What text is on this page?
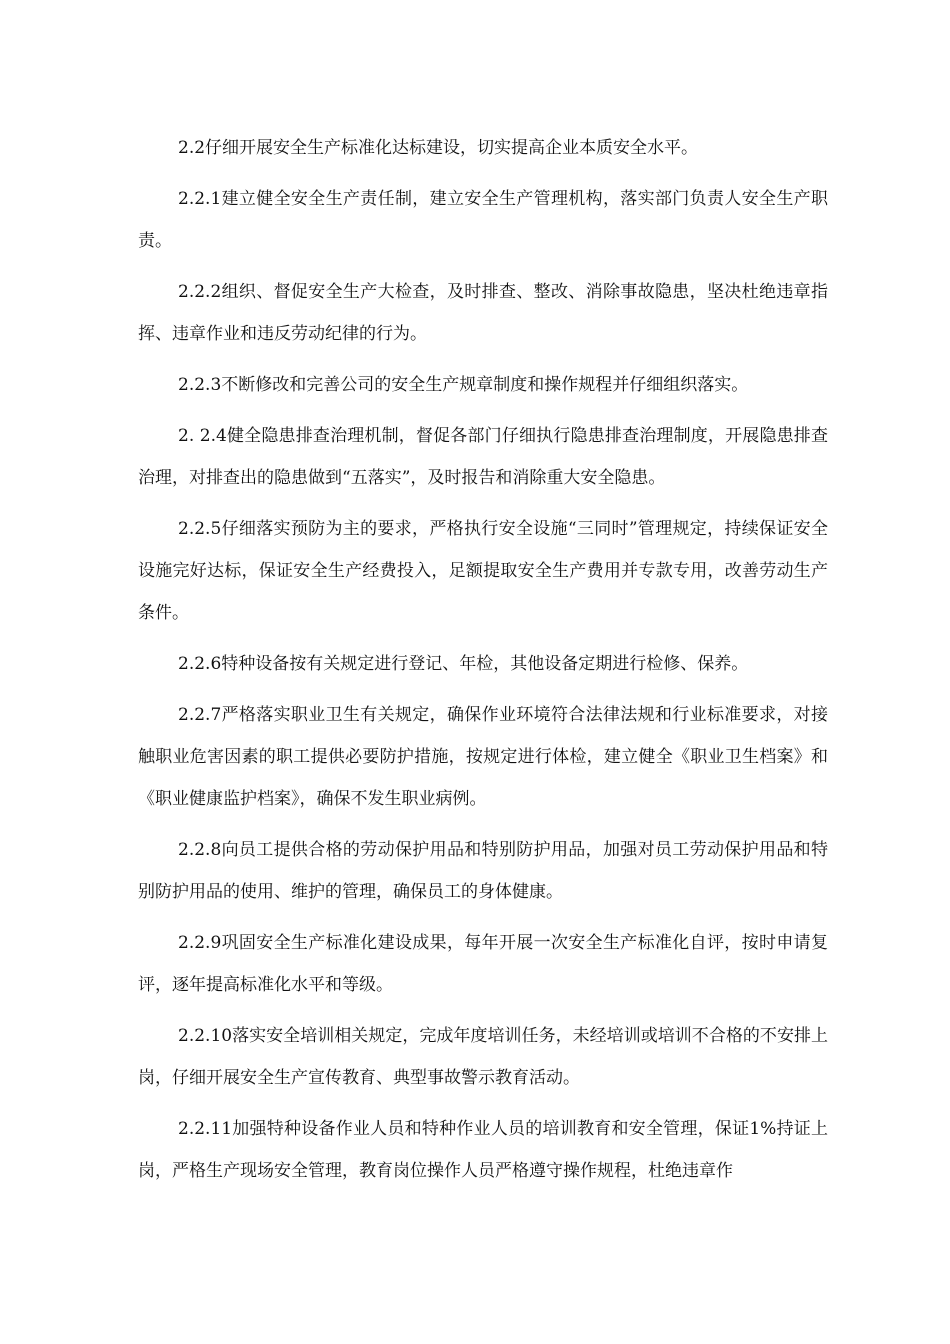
2.2仔细开展安全生产标准化达标建设，切实提高企业本质安全水平。

2.2.1建立健全安全生产责任制，建立安全生产管理机构，落实部门负责人安全生产职责。

2.2.2组织、督促安全生产大检查，及时排查、整改、消除事故隐患，坚决杜绝违章指挥、违章作业和违反劳动纪律的行为。

2.2.3不断修改和完善公司的安全生产规章制度和操作规程并仔细组织落实。

2. 2.4健全隐患排查治理机制，督促各部门仔细执行隐患排查治理制度，开展隐患排查治理，对排查出的隐患做到“五落实”，及时报告和消除重大安全隐患。

2.2.5仔细落实预防为主的要求，严格执行安全设施“三同时”管理规定，持续保证安全设施完好达标，保证安全生产经费投入，足额提取安全生产费用并专款专用，改善劳动生产条件。

2.2.6特种设备按有关规定进行登记、年检，其他设备定期进行检修、保养。

2.2.7严格落实职业卫生有关规定，确保作业环境符合法律法规和行业标准要求，对接触职业危害因素的职工提供必要防护措施，按规定进行体检，建立健全《职业卫生档案》和《职业健康监护档案》，确保不发生职业病例。

2.2.8向员工提供合格的劳动保护用品和特别防护用品，加强对员工劳动保护用品和特别防护用品的使用、维护的管理，确保员工的身体健康。

2.2.9巩固安全生产标准化建设成果，每年开展一次安全生产标准化自评，按时申请复评，逐年提高标准化水平和等级。

2.2.10落实安全培训相关规定，完成年度培训任务，未经培训或培训不合格的不安排上岗，仔细开展安全生产宣传教育、典型事故警示教育活动。

2.2.11加强特种设备作业人员和特种作业人员的培训教育和安全管理，保证1%持证上岗，严格生产现场安全管理，教育岗位操作人员严格遵守操作规程，杜绝违章作
